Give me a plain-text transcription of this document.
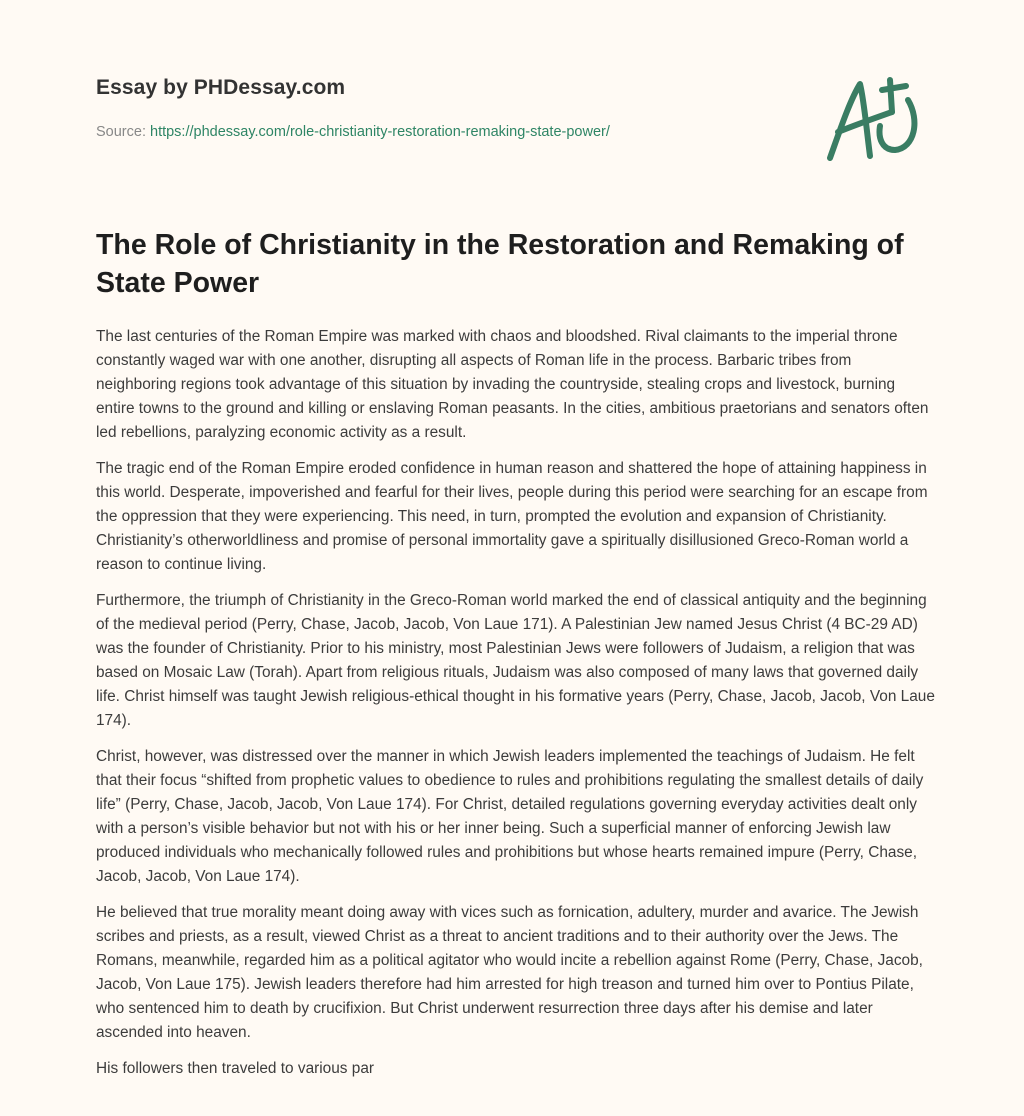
Essay by PHDessay.com

Source: https://phdessay.com/role-christianity-restoration-remaking-state-power/
The Role of Christianity in the Restoration and Remaking of State Power

The last centuries of the Roman Empire was marked with chaos and bloodshed. Rival claimants to the imperial throne constantly waged war with one another, disrupting all aspects of Roman life in the process. Barbaric tribes from neighboring regions took advantage of this situation by invading the countryside, stealing crops and livestock, burning entire towns to the ground and killing or enslaving Roman peasants. In the cities, ambitious praetorians and senators often led rebellions, paralyzing economic activity as a result.

The tragic end of the Roman Empire eroded confidence in human reason and shattered the hope of attaining happiness in this world. Desperate, impoverished and fearful for their lives, people during this period were searching for an escape from the oppression that they were experiencing. This need, in turn, prompted the evolution and expansion of Christianity. Christianity’s otherworldliness and promise of personal immortality gave a spiritually disillusioned Greco-Roman world a reason to continue living.

Furthermore, the triumph of Christianity in the Greco-Roman world marked the end of classical antiquity and the beginning of the medieval period (Perry, Chase, Jacob, Jacob, Von Laue 171). A Palestinian Jew named Jesus Christ (4 BC-29 AD) was the founder of Christianity. Prior to his ministry, most Palestinian Jews were followers of Judaism, a religion that was based on Mosaic Law (Torah). Apart from religious rituals, Judaism was also composed of many laws that governed daily life. Christ himself was taught Jewish religious-ethical thought in his formative years (Perry, Chase, Jacob, Jacob, Von Laue 174).

Christ, however, was distressed over the manner in which Jewish leaders implemented the teachings of Judaism. He felt that their focus “shifted from prophetic values to obedience to rules and prohibitions regulating the smallest details of daily life” (Perry, Chase, Jacob, Jacob, Von Laue 174). For Christ, detailed regulations governing everyday activities dealt only with a person’s visible behavior but not with his or her inner being. Such a superficial manner of enforcing Jewish law produced individuals who mechanically followed rules and prohibitions but whose hearts remained impure (Perry, Chase, Jacob, Jacob, Von Laue 174).

He believed that true morality meant doing away with vices such as fornication, adultery, murder and avarice. The Jewish scribes and priests, as a result, viewed Christ as a threat to ancient traditions and to their authority over the Jews. The Romans, meanwhile, regarded him as a political agitator who would incite a rebellion against Rome (Perry, Chase, Jacob, Jacob, Von Laue 175). Jewish leaders therefore had him arrested for high treason and turned him over to Pontius Pilate, who sentenced him to death by crucifixion. But Christ underwent resurrection three days after his demise and later ascended into heaven.

His followers then traveled to various par
